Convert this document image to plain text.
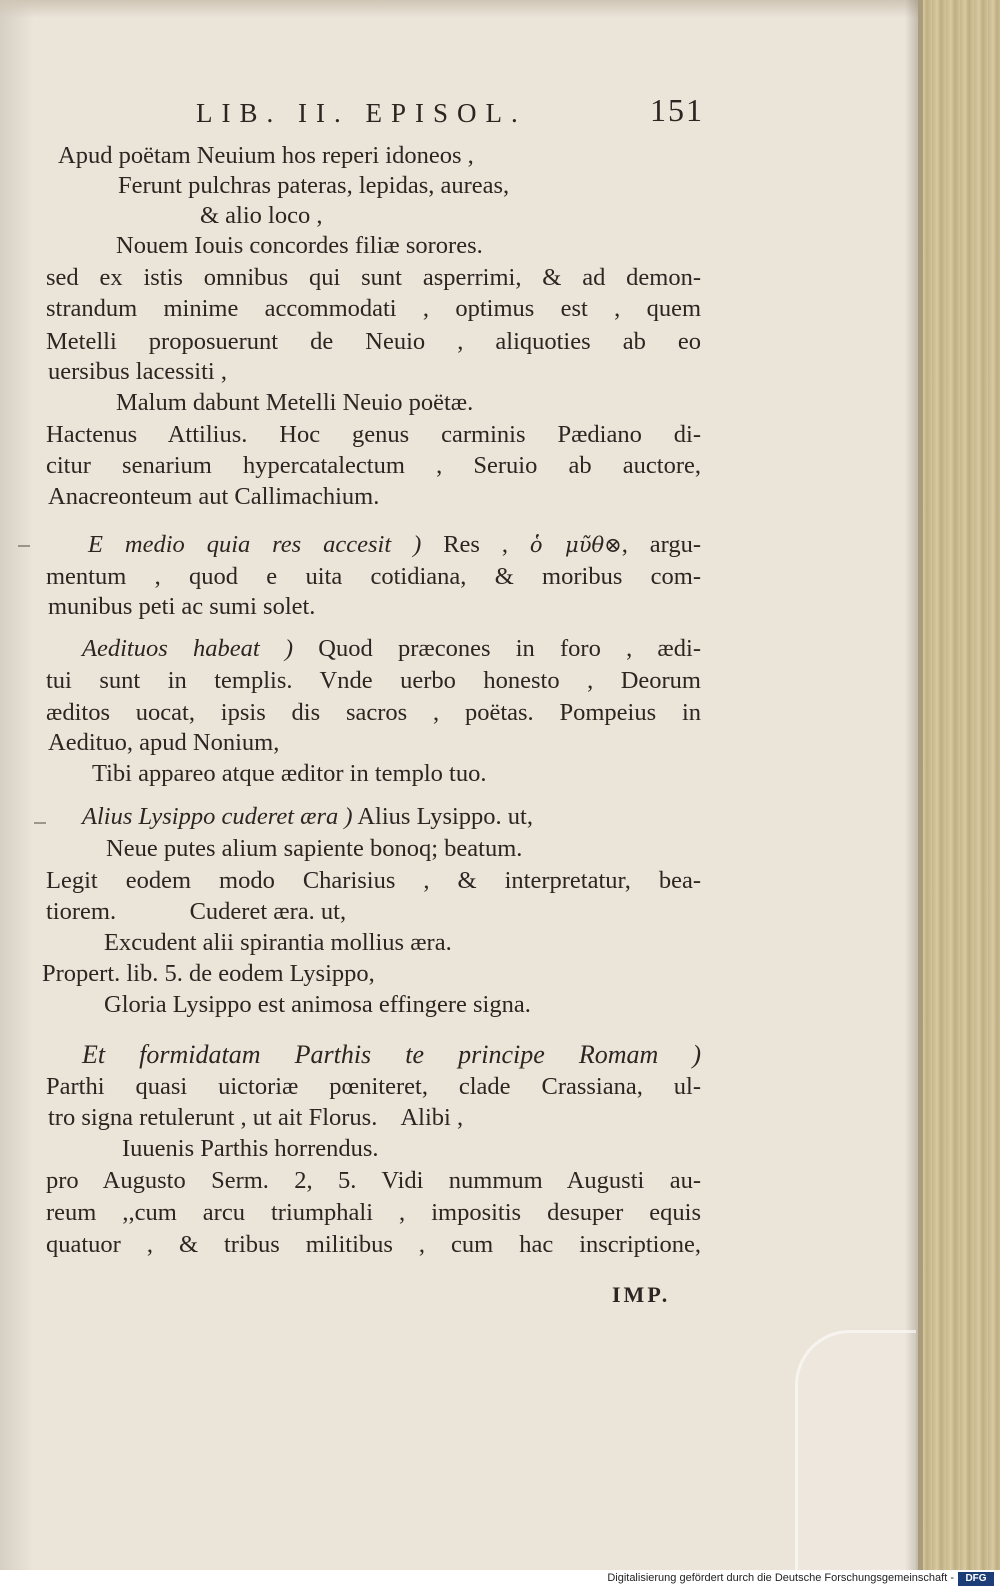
LIB. II. EPISOL.	151
Apud poëtam Neuium hos reperi idoneos ,
Ferunt pulchras pateras, lepidas, aureas,
& alio loco ,
Nouem Iouis concordes filiæ sorores.
sed ex istis omnibus qui sunt asperrimi, & ad demon-
strandum minime accommodati , optimus est , quem
Metelli proposuerunt de Neuio , aliquoties ab eo
uersibus lacessiti ,
Malum dabunt Metelli Neuio poëtæ.
Hactenus Attilius. Hoc genus carminis Pædiano di-
citur senarium hypercatalectum , Seruio ab auctore,
Anacreonteum aut Callimachium.
E medio quia res accesit ) Res , ὁ μῦθ⊗, argu-
mentum , quod e uita cotidiana, & moribus com-
munibus peti ac sumi solet.
Aedituos habeat ) Quod præcones in foro , ædi-
tui sunt in templis. Vnde uerbo honesto , Deorum
æditos uocat, ipsis dis sacros , poëtas. Pompeius in
Aedituo, apud Nonium,
Tibi appareo atque æditor in templo tuo.
Alius Lysippo cuderet æra ) Alius Lysippo. ut,
Neue putes alium sapiente bonoq; beatum.
Legit eodem modo Charisius , & interpretatur, bea-
tiorem.            Cuderet æra. ut,
Excudent alii spirantia mollius æra.
Propert. lib. 5. de eodem Lysippo,
Gloria Lysippo est animosa effingere signa.
Et formidatam Parthis te principe Romam )
Parthi quasi uictoriæ pœniteret, clade Crassiana, ul-
tro signa retulerunt , ut ait Florus.    Alibi ,
Iuuenis Parthis horrendus.
pro Augusto Serm. 2, 5. Vidi nummum Augusti au-
reum ,,cum arcu triumphali , impositis desuper equis
quatuor , & tribus militibus , cum hac inscriptione,
IMP.
Digitalisierung gefördert durch die Deutsche Forschungsgemeinschaft -	DFG
